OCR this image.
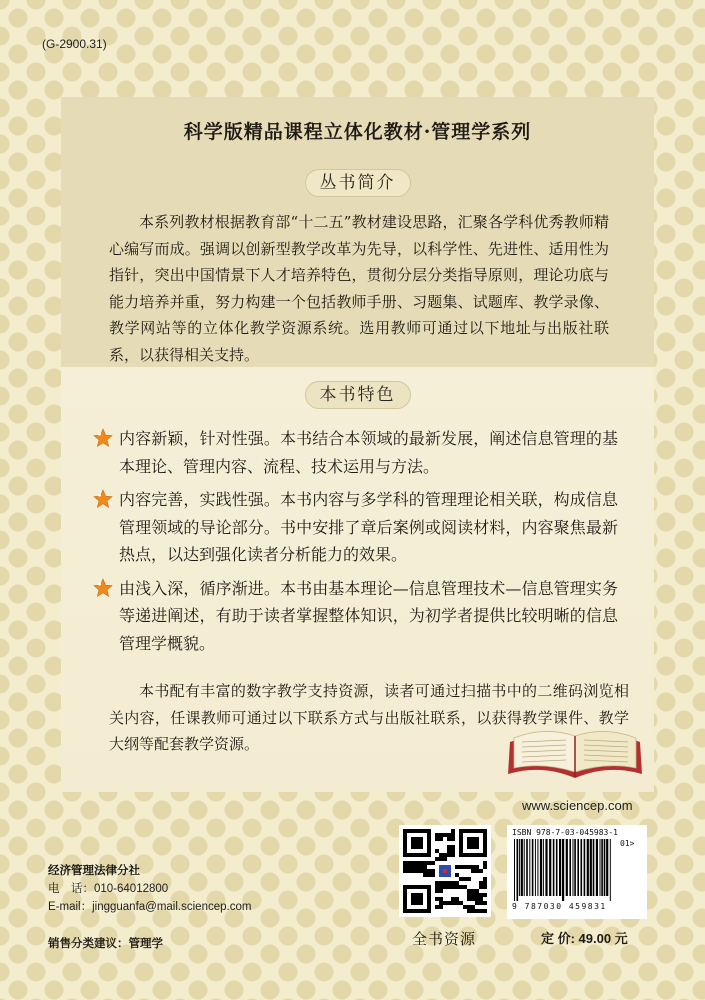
(G-2900.31)
科学版精品课程立体化教材·管理学系列
丛书简介
本系列教材根据教育部“十二五”教材建设思路，汇聚各学科优秀教师精心编写而成。强调以创新型教学改革为先导，以科学性、先进性、适用性为指针，突出中国情景下人才培养特色，贯彻分层分类指导原则，理论功底与能力培养并重，努力构建一个包括教师手册、习题集、试题库、教学录像、教学网站等的立体化教学资源系统。选用教师可通过以下地址与出版社联系，以获得相关支持。
本书特色
内容新颖，针对性强。本书结合本领域的最新发展，阐述信息管理的基本理论、管理内容、流程、技术运用与方法。
内容完善，实践性强。本书内容与多学科的管理理论相关联，构成信息管理领域的导论部分。书中安排了章后案例或阅读材料，内容聚焦最新热点，以达到强化读者分析能力的效果。
由浅入深，循序渐进。本书由基本理论—信息管理技术—信息管理实务等递进阐述，有助于读者掌握整体知识，为初学者提供比较明晰的信息管理学概貌。
本书配有丰富的数字教学支持资源，读者可通过扫描书中的二维码浏览相关内容，任课教师可通过以下联系方式与出版社联系，以获得教学课件、教学大纲等配套教学资源。
www.sciencep.com
全书资源
ISBN 978-7-03-045983-1
01>
9 787030 459831
定 价: 49.00 元
经济管理法律分社
电　话：010-64012800
E-mail：jingguanfa@mail.sciencep.com
销售分类建议：管理学
